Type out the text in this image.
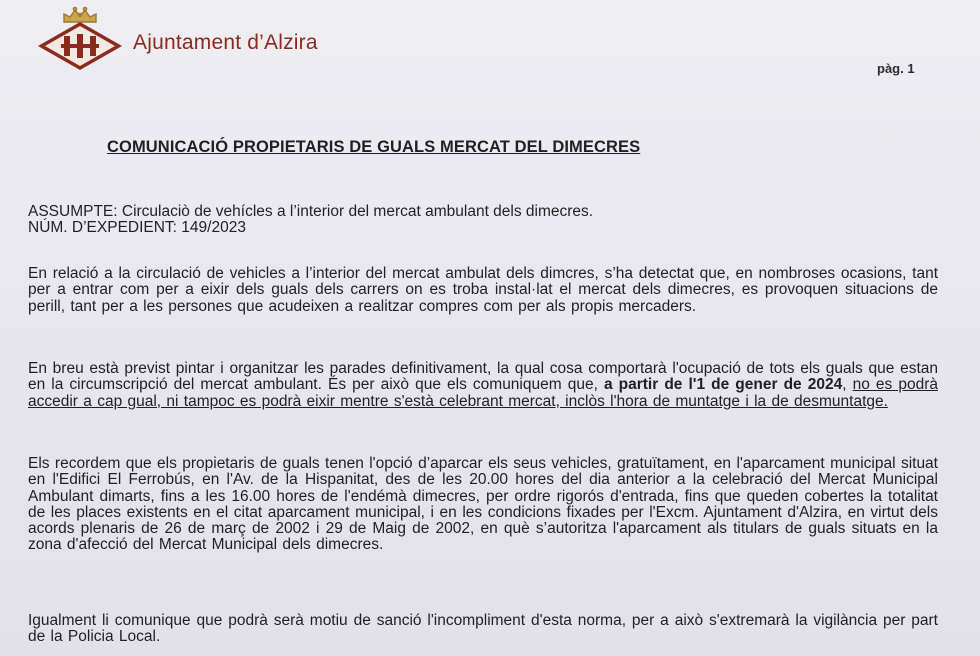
Ajuntament d’Alzira
pàg. 1
COMUNICACIÓ PROPIETARIS DE GUALS MERCAT DEL DIMECRES
ASSUMPTE: Circulaciò de vehícles a l’interior del mercat ambulant dels dimecres.
NÚM. D’EXPEDIENT: 149/2023
En relació a la circulació de vehicles a l’interior del mercat ambulat dels dimcres, s’ha detectat que, en nombroses ocasions, tant per a entrar com per a eixir dels guals dels carrers on es troba instal·lat el mercat dels dimecres, es provoquen situacions de perill, tant per a les persones que acudeixen a realitzar compres com per als propis mercaders.
En breu està previst pintar i organitzar les parades definitivament, la qual cosa comportarà l'ocupació de tots els guals que estan en la circumscripció del mercat ambulant. És per això que els comuniquem que, a partir de l'1 de gener de 2024, no es podrà accedir a cap gual, ni tampoc es podrà eixir mentre s'està celebrant mercat, inclòs l'hora de muntatge i la de desmuntatge.
Els recordem que els propietaris de guals tenen l'opció d’aparcar els seus vehicles, gratuïtament, en l'aparcament municipal situat en l'Edifici El Ferrobús, en l'Av. de la Hispanitat, des de les 20.00 hores del dia anterior a la celebració del Mercat Municipal Ambulant dimarts, fins a les 16.00 hores de l'endémà dimecres, per ordre rigorós d'entrada, fins que queden cobertes la totalitat de les places existents en el citat aparcament municipal, i en les condicions fixades per l'Excm. Ajuntament d'Alzira, en virtut dels acords plenaris de 26 de març de 2002 i 29 de Maig de 2002, en què s’autoritza l'aparcament als titulars de guals situats en la zona d'afecció del Mercat Municipal dels dimecres.
Igualment li comunique que podrà serà motiu de sanció l'incompliment d'esta norma, per a això s'extremarà la vigilància per part de la Policia Local.
